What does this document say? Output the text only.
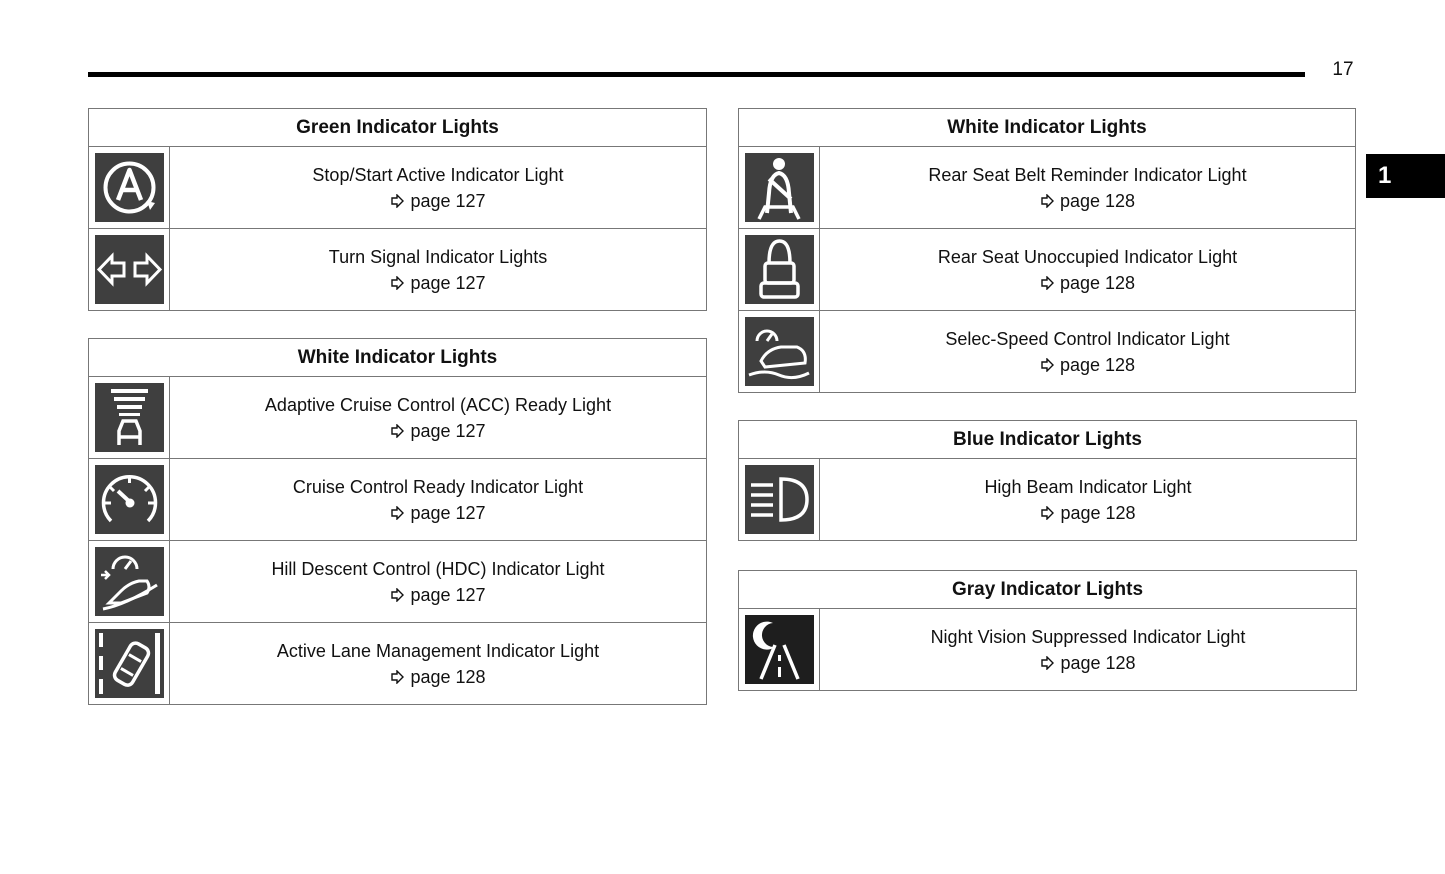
17
1
Green Indicator Lights
Stop/Start Active Indicator Light
page 127
Turn Signal Indicator Lights
page 127
White Indicator Lights
Adaptive Cruise Control (ACC) Ready Light
page 127
Cruise Control Ready Indicator Light
page 127
Hill Descent Control (HDC) Indicator Light
page 127
Active Lane Management Indicator Light
page 128
White Indicator Lights
Rear Seat Belt Reminder Indicator Light
page 128
Rear Seat Unoccupied Indicator Light
page 128
Selec-Speed Control Indicator Light
page 128
Blue Indicator Lights
High Beam Indicator Light
page 128
Gray Indicator Lights
Night Vision Suppressed Indicator Light
page 128
